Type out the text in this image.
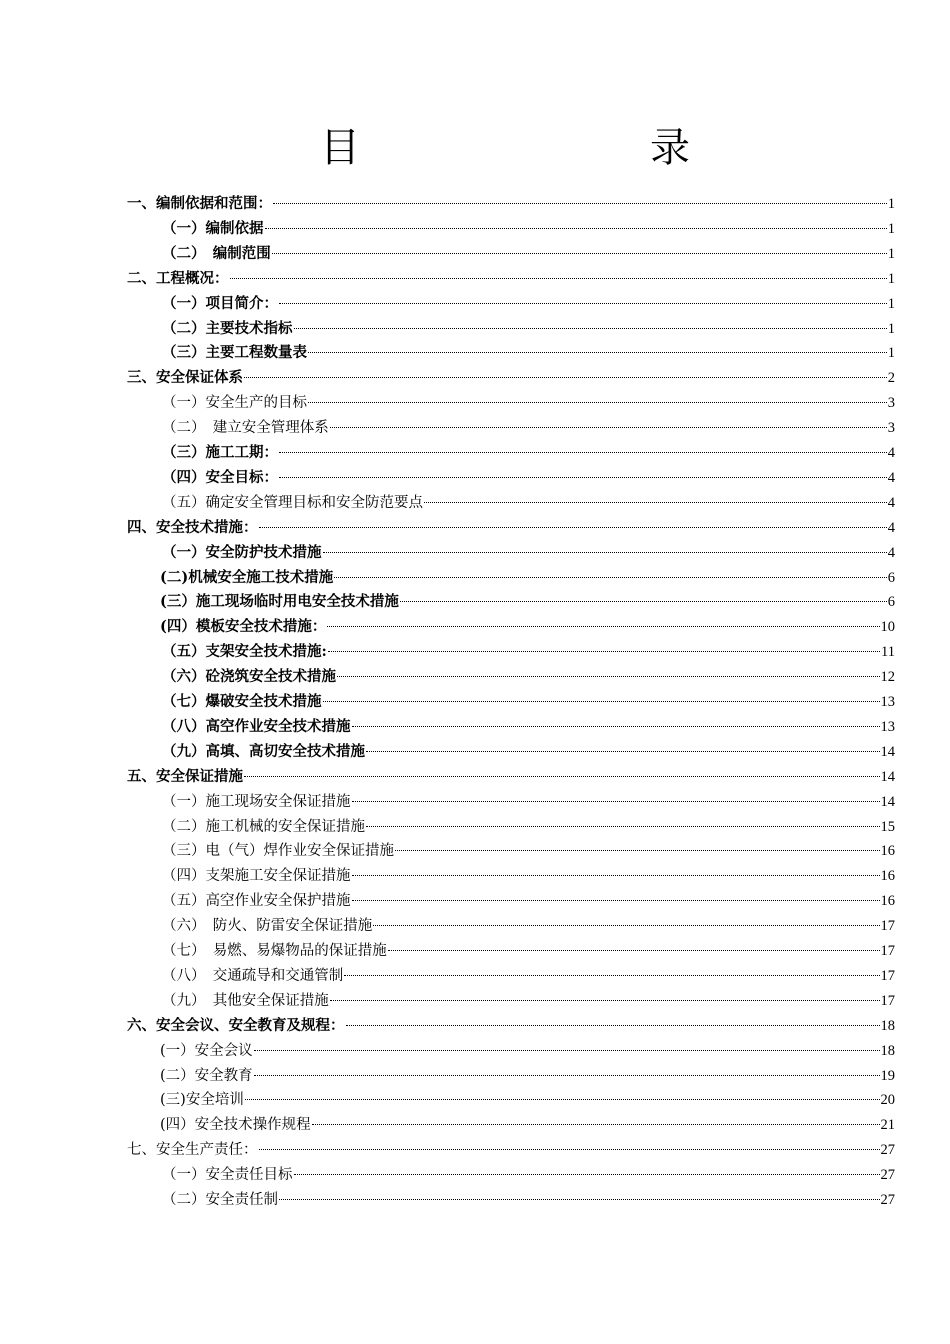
目　　录
一、编制依据和范围：	1
（一）编制依据	1
（二）　编制范围	1
二、工程概况：	1
（一）项目简介：	1
（二）主要技术指标	1
（三）主要工程数量表	1
三、安全保证体系	2
（一）安全生产的目标	3
（二）　建立安全管理体系	3
（三）施工工期：	4
（四）安全目标：	4
（五）确定安全管理目标和安全防范要点	4
四、安全技术措施：	4
（一）安全防护技术措施	4
(二)机械安全施工技术措施	6
(三）施工现场临时用电安全技术措施	6
(四）模板安全技术措施：	10
（五）支架安全技术措施:	11
（六）砼浇筑安全技术措施	12
（七）爆破安全技术措施	13
（八）高空作业安全技术措施	13
（九）高填、高切安全技术措施	14
五、安全保证措施	14
（一）施工现场安全保证措施	14
（二）施工机械的安全保证措施	15
（三）电（气）焊作业安全保证措施	16
（四）支架施工安全保证措施	16
（五）高空作业安全保护措施	16
（六）　防火、防雷安全保证措施	17
（七）　易燃、易爆物品的保证措施	17
（八）　交通疏导和交通管制	17
（九）　其他安全保证措施	17
六、安全会议、安全教育及规程：	18
(一）安全会议	18
(二）安全教育	19
(三)安全培训	20
(四）安全技术操作规程	21
七、安全生产责任：	27
（一）安全责任目标	27
（二）安全责任制	27
